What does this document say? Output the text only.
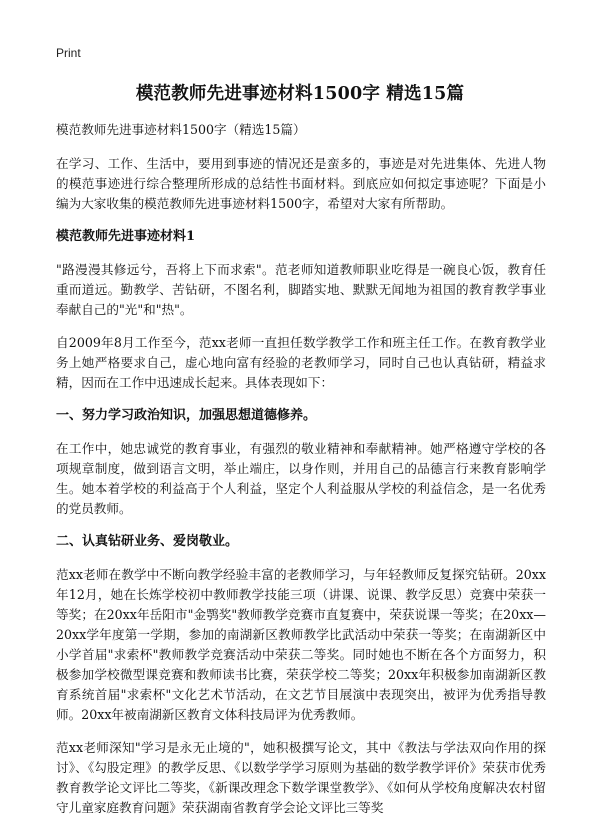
Print
模范教师先进事迹材料1500字 精选15篇

模范教师先进事迹材料1500字（精选15篇）

在学习、工作、生活中，要用到事迹的情况还是蛮多的，事迹是对先进集体、先进人物的模范事迹进行综合整理所形成的总结性书面材料。到底应如何拟定事迹呢？下面是小编为大家收集的模范教师先进事迹材料1500字，希望对大家有所帮助。

模范教师先进事迹材料1

"路漫漫其修远兮，吾将上下而求索"。范老师知道教师职业吃得是一碗良心饭，教育任重而道远。勤教学、苦钻研，不图名利，脚踏实地、默默无闻地为祖国的教育教学事业奉献自己的"光"和"热"。

自2009年8月工作至今，范xx老师一直担任数学教学工作和班主任工作。在教育教学业务上她严格要求自己，虚心地向富有经验的老教师学习，同时自己也认真钻研，精益求精，因而在工作中迅速成长起来。具体表现如下：

一、努力学习政治知识，加强思想道德修养。

在工作中，她忠诚党的教育事业，有强烈的敬业精神和奉献精神。她严格遵守学校的各项规章制度，做到语言文明，举止端庄，以身作则，并用自己的品德言行来教育影响学生。她本着学校的利益高于个人利益，坚定个人利益服从学校的利益信念，是一名优秀的党员教师。

二、认真钻研业务、爱岗敬业。

范xx老师在教学中不断向教学经验丰富的老教师学习，与年轻教师反复探究钻研。20xx年12月，她在长炼学校初中教师教学技能三项（讲课、说课、教学反思）竞赛中荣获一等奖；在20xx年岳阳市"金鹗奖"教师教学竞赛市直复赛中，荣获说课一等奖；在20xx—20xx学年度第一学期，参加的南湖新区教师教学比武活动中荣获一等奖；在南湖新区中小学首届"求索杯"教师教学竞赛活动中荣获二等奖。同时她也不断在各个方面努力，积极参加学校微型课竞赛和教师读书比赛，荣获学校二等奖；20xx年积极参加南湖新区教育系统首届"求索杯"文化艺术节活动，在文艺节目展演中表现突出，被评为优秀指导教师。20xx年被南湖新区教育文体科技局评为优秀教师。

范xx老师深知"学习是永无止境的"，她积极撰写论文，其中《教法与学法双向作用的探讨》、《勾股定理》的教学反思、《以数学学学习原则为基础的数学教学评价》荣获市优秀教育教学论文评比二等奖，《新课改理念下数学课堂教学》、《如何从学校角度解决农村留守儿童家庭教育问题》荣获湖南省教育学会论文评比三等奖
